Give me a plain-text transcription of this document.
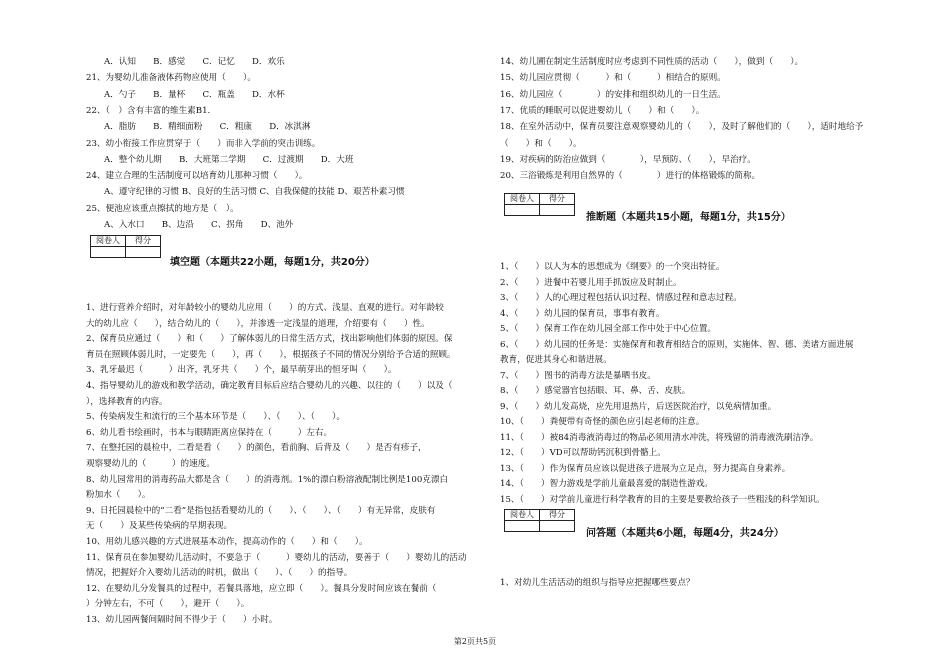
A．认知　　B．感觉　　C．记忆　　D．欢乐
21、为婴幼儿准备液体药物应使用（　　）。
A．勺子　　B．量杯　　C．瓶盖　　D．水杯
22、（　）含有丰富的维生素B1.
A．脂肪　　B．精细面粉　　C．粗康　　D．冰淇淋
23、幼小衔接工作应贯穿于（　　）而非入学前的突击训练。
A．整个幼儿期　　B．大班第二学期　　C．过渡期　　D．大班
24、建立合理的生活制度可以培育幼儿那种习惯（　　）。
A、遵守纪律的习惯 B、良好的生活习惯 C、自我保健的技能 D、艰苦朴素习惯
25、便池应该重点擦拭的地方是（　）。
A、入水口　　B、边沿　　C、拐角　　D、池外
阅卷人	得分

填空题（本题共22小题，每题1分，共20分）
1、进行营养介绍时，对年龄较小的婴幼儿应用（　　）的方式、浅显、直观的进行。对年龄较
大的幼儿应（　　），结合幼儿的（　　），并渗透一定浅显的道理，介绍要有（　　）性。
2、保育员应通过（　　）和（　　）了解体弱儿的日常生活方式，找出影响他们体弱的原因。保
育员在照顾体弱儿时，一定要先（　　），再（　　），根据孩子不同的情况分别给予合适的照顾。
3、乳牙最迟（　　　）出齐，乳牙共（　　）个，最早萌芽出的恒牙叫（　　）。
4、指导婴幼儿的游戏和教学活动，确定教育目标后应结合婴幼儿的兴趣、以往的（　　）以及（
），选择教育的内容。
5、传染病发生和流行的三个基本环节是（　　）、（　　）、（　　）。
6、幼儿看书绘画时，书本与眼睛距离应保持在（　　　）左右。
7、在整托园的晨检中，二看是看（　　）的颜色，看前胸、后背及（　　）是否有疹子，
观察婴幼儿的（　　　）的速度。
8、幼儿园常用的消毒药品大都是含（　　）的消毒剂。1%的漂白粉溶液配制比例是100克漂白
粉加水（　　）。
9、日托园晨检中的“二看”是指包括看婴幼儿的（　　）、（　　）、（　　）有无异常，皮肤有
无（　　）及某些传染病的早期表现。
10、用幼儿感兴趣的方式进展基本动作，提高动作的（　　）和（　　）。
11、保育员在参加婴幼儿活动时，不要急于（　　　）婴幼儿的活动，要善于（　　）婴幼儿的活动
情况，把握好介入婴幼儿活动的时机，做出（　　）、（　　）的指导。
12、在婴幼儿分发餐具的过程中，若餐具落地，应立即（　　）。餐具分发时间应该在餐前（
）分钟左右，不可（　　），避开（　　）。
13、幼儿园两餐间隔时间不得少于（　　）小时。
14、幼儿圃在制定生活制度时应考虑到不同性质的活动（　　），做到（　　）。
15、幼儿园应贯彻（　　　）和（　　　）相结合的原则。
16、幼儿园应（　　　　）的安排和组织幼儿的一日生活。
17、优质的睡眠可以促进婴幼儿（　　）和（　　）。
18、在室外活动中，保育员要注意观察婴幼儿的（　　），及时了解他们的（　　），适时地给予
（　　）和（　　）。
19、对疾病的防治应做到（　　　　），早预防、（　　），早治疗。
20、三浴锻炼是利用自然界的（　　　　）进行的体格锻炼的简称。
阅卷人	得分

推断题（本题共15小题，每题1分，共15分）
1、（　　）以人为本的思想成为《纲要》的一个突出特征。
2、（　　）进餐中若婴儿用手抓饭应及时制止。
3、（　　）人的心理过程包括认识过程、情感过程和意志过程。
4、（　　）幼儿园的保育员，事事有教育。
5、（　　）保育工作在幼儿园全部工作中处于中心位置。
6、（　　）幼儿园的任务是：实施保育和教育相结合的原则，实施体、智、德、美诸方面进展
教育，促进其身心和谐进展。
7、（　　）图书的消毒方法是暴晒书皮。
8、（　　）感觉器官包括眼、耳、鼻、舌、皮肤。
9、（　　）幼儿发高烧，应先用退热片，后送医院治疗，以免病情加重。
10、（　　）粪便带有奇怪的颜色应引起老师的注意。
11、（　　）被84消毒液消毒过的物品必须用清水冲洗，将残留的消毒液洗刷洁净。
12、（　　）VD可以帮助钙沉积到骨骼上。
13、（　　）作为保育员应该以促进孩子进展为立足点，努力提高自身素养。
14、（　　）智力游戏是学前儿童最喜爱的制造性游戏。
15、（　　）对学前儿童进行科学教育的目的主要是要教给孩子一些粗浅的科学知识。
阅卷人	得分

问答题（本题共6小题，每题4分，共24分）
1、对幼儿生活活动的组织与指导应把握哪些要点？
第2页共5页
